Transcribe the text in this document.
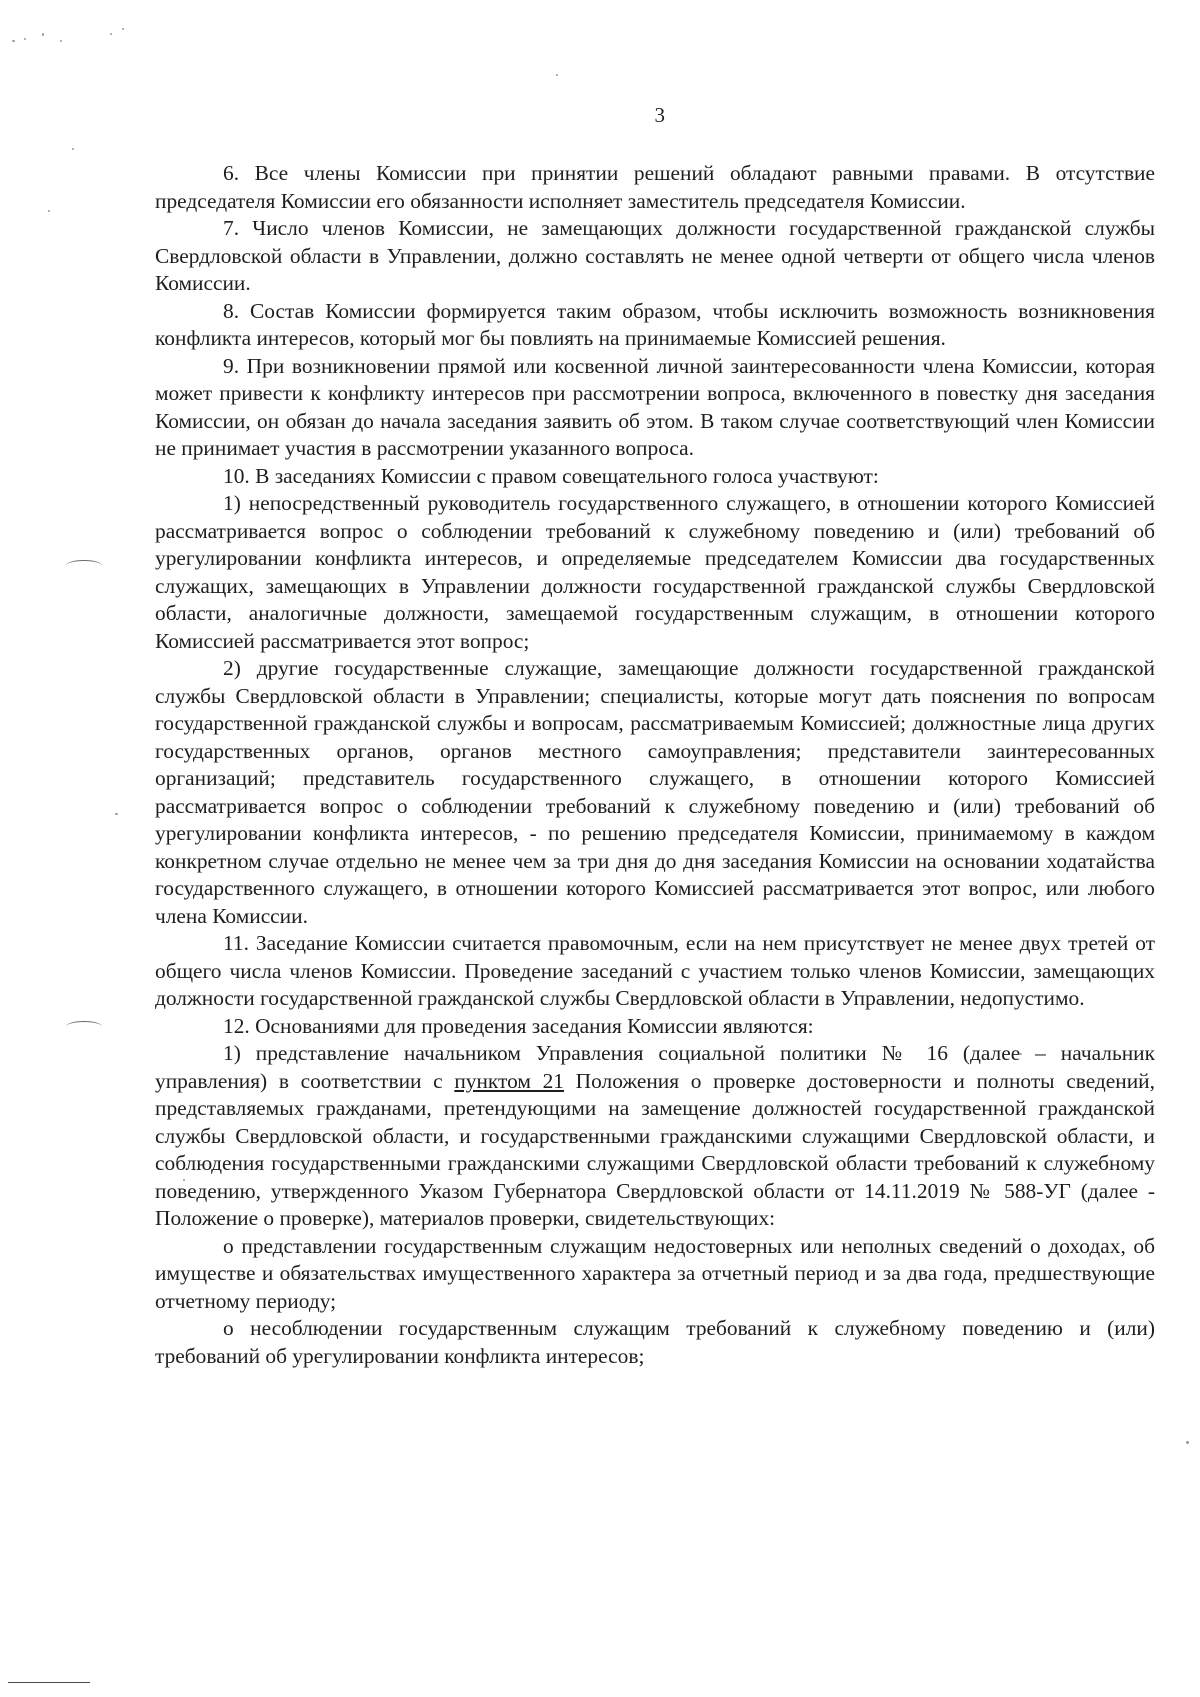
3

6. Все члены Комиссии при принятии решений обладают равными правами. В отсутствие председателя Комиссии его обязанности исполняет заместитель председателя Комиссии.

7. Число членов Комиссии, не замещающих должности государственной гражданской службы Свердловской области в Управлении, должно составлять не менее одной четверти от общего числа членов Комиссии.

8. Состав Комиссии формируется таким образом, чтобы исключить возможность возникновения конфликта интересов, который мог бы повлиять на принимаемые Комиссией решения.

9. При возникновении прямой или косвенной личной заинтересованности члена Комиссии, которая может привести к конфликту интересов при рассмотрении вопроса, включенного в повестку дня заседания Комиссии, он обязан до начала заседания заявить об этом. В таком случае соответствующий член Комиссии не принимает участия в рассмотрении указанного вопроса.

10. В заседаниях Комиссии с правом совещательного голоса участвуют:

1) непосредственный руководитель государственного служащего, в отношении которого Комиссией рассматривается вопрос о соблюдении требований к служебному поведению и (или) требований об урегулировании конфликта интересов, и определяемые председателем Комиссии два государственных служащих, замещающих в Управлении должности государственной гражданской службы Свердловской области, аналогичные должности, замещаемой государственным служащим, в отношении которого Комиссией рассматривается этот вопрос;

2) другие государственные служащие, замещающие должности государственной гражданской службы Свердловской области в Управлении; специалисты, которые могут дать пояснения по вопросам государственной гражданской службы и вопросам, рассматриваемым Комиссией; должностные лица других государственных органов, органов местного самоуправления; представители заинтересованных организаций; представитель государственного служащего, в отношении которого Комиссией рассматривается вопрос о соблюдении требований к служебному поведению и (или) требований об урегулировании конфликта интересов, - по решению председателя Комиссии, принимаемому в каждом конкретном случае отдельно не менее чем за три дня до дня заседания Комиссии на основании ходатайства государственного служащего, в отношении которого Комиссией рассматривается этот вопрос, или любого члена Комиссии.

11. Заседание Комиссии считается правомочным, если на нем присутствует не менее двух третей от общего числа членов Комиссии. Проведение заседаний с участием только членов Комиссии, замещающих должности государственной гражданской службы Свердловской области в Управлении, недопустимо.

12. Основаниями для проведения заседания Комиссии являются:

1) представление начальником Управления социальной политики № 16 (далее – начальник управления) в соответствии с пунктом 21 Положения о проверке достоверности и полноты сведений, представляемых гражданами, претендующими на замещение должностей государственной гражданской службы Свердловской области, и государственными гражданскими служащими Свердловской области, и соблюдения государственными гражданскими служащими Свердловской области требований к служебному поведению, утвержденного Указом Губернатора Свердловской области от 14.11.2019 № 588-УГ (далее - Положение о проверке), материалов проверки, свидетельствующих:

о представлении государственным служащим недостоверных или неполных сведений о доходах, об имуществе и обязательствах имущественного характера за отчетный период и за два года, предшествующие отчетному периоду;

о несоблюдении государственным служащим требований к служебному поведению и (или) требований об урегулировании конфликта интересов;
